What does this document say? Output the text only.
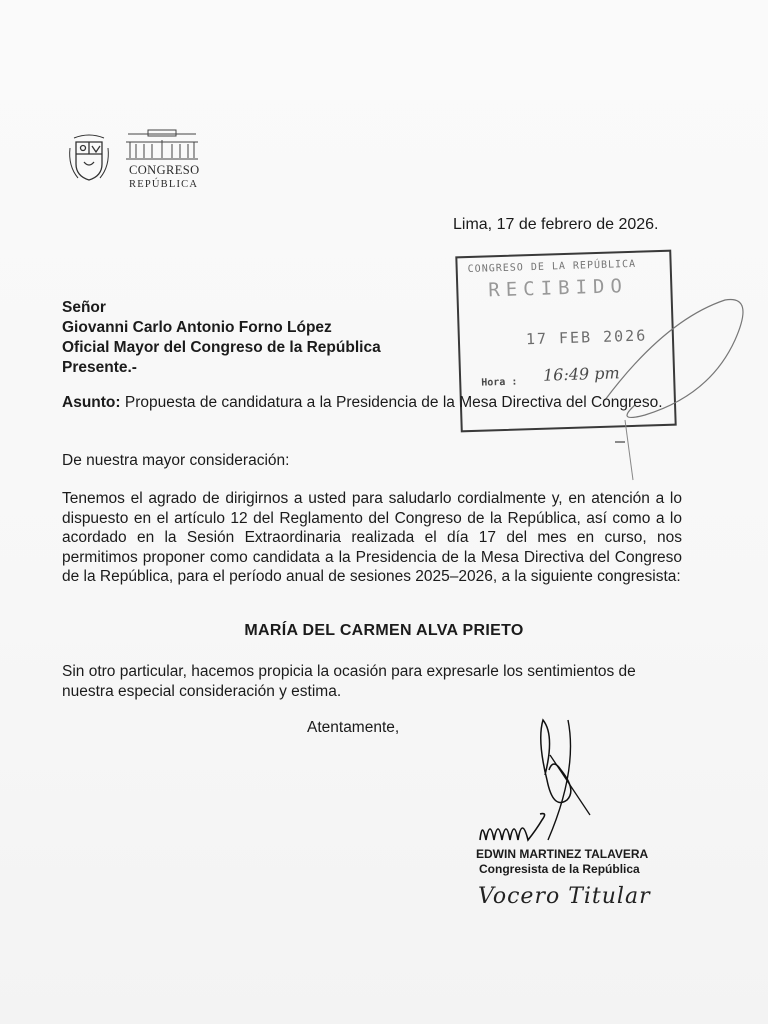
CONGRESO
REPÚBLICA
Lima, 17 de febrero de 2026.
CONGRESO DE LA REPÚBLICA
RECIBIDO
17 FEB 2026
Hora : 16:49 pm
Señor
Giovanni Carlo Antonio Forno López
Oficial Mayor del Congreso de la República
Presente.-
Asunto: Propuesta de candidatura a la Presidencia de la Mesa Directiva del Congreso.
De nuestra mayor consideración:
Tenemos el agrado de dirigirnos a usted para saludarlo cordialmente y, en atención a lo dispuesto en el artículo 12 del Reglamento del Congreso de la República, así como a lo acordado en la Sesión Extraordinaria realizada el día 17 del mes en curso, nos permitimos proponer como candidata a la Presidencia de la Mesa Directiva del Congreso de la República, para el período anual de sesiones 2025–2026, a la siguiente congresista:
MARÍA DEL CARMEN ALVA PRIETO
Sin otro particular, hacemos propicia la ocasión para expresarle los sentimientos de nuestra especial consideración y estima.
Atentamente,
EDWIN MARTINEZ TALAVERA
Congresista de la República
Vocero Titular
